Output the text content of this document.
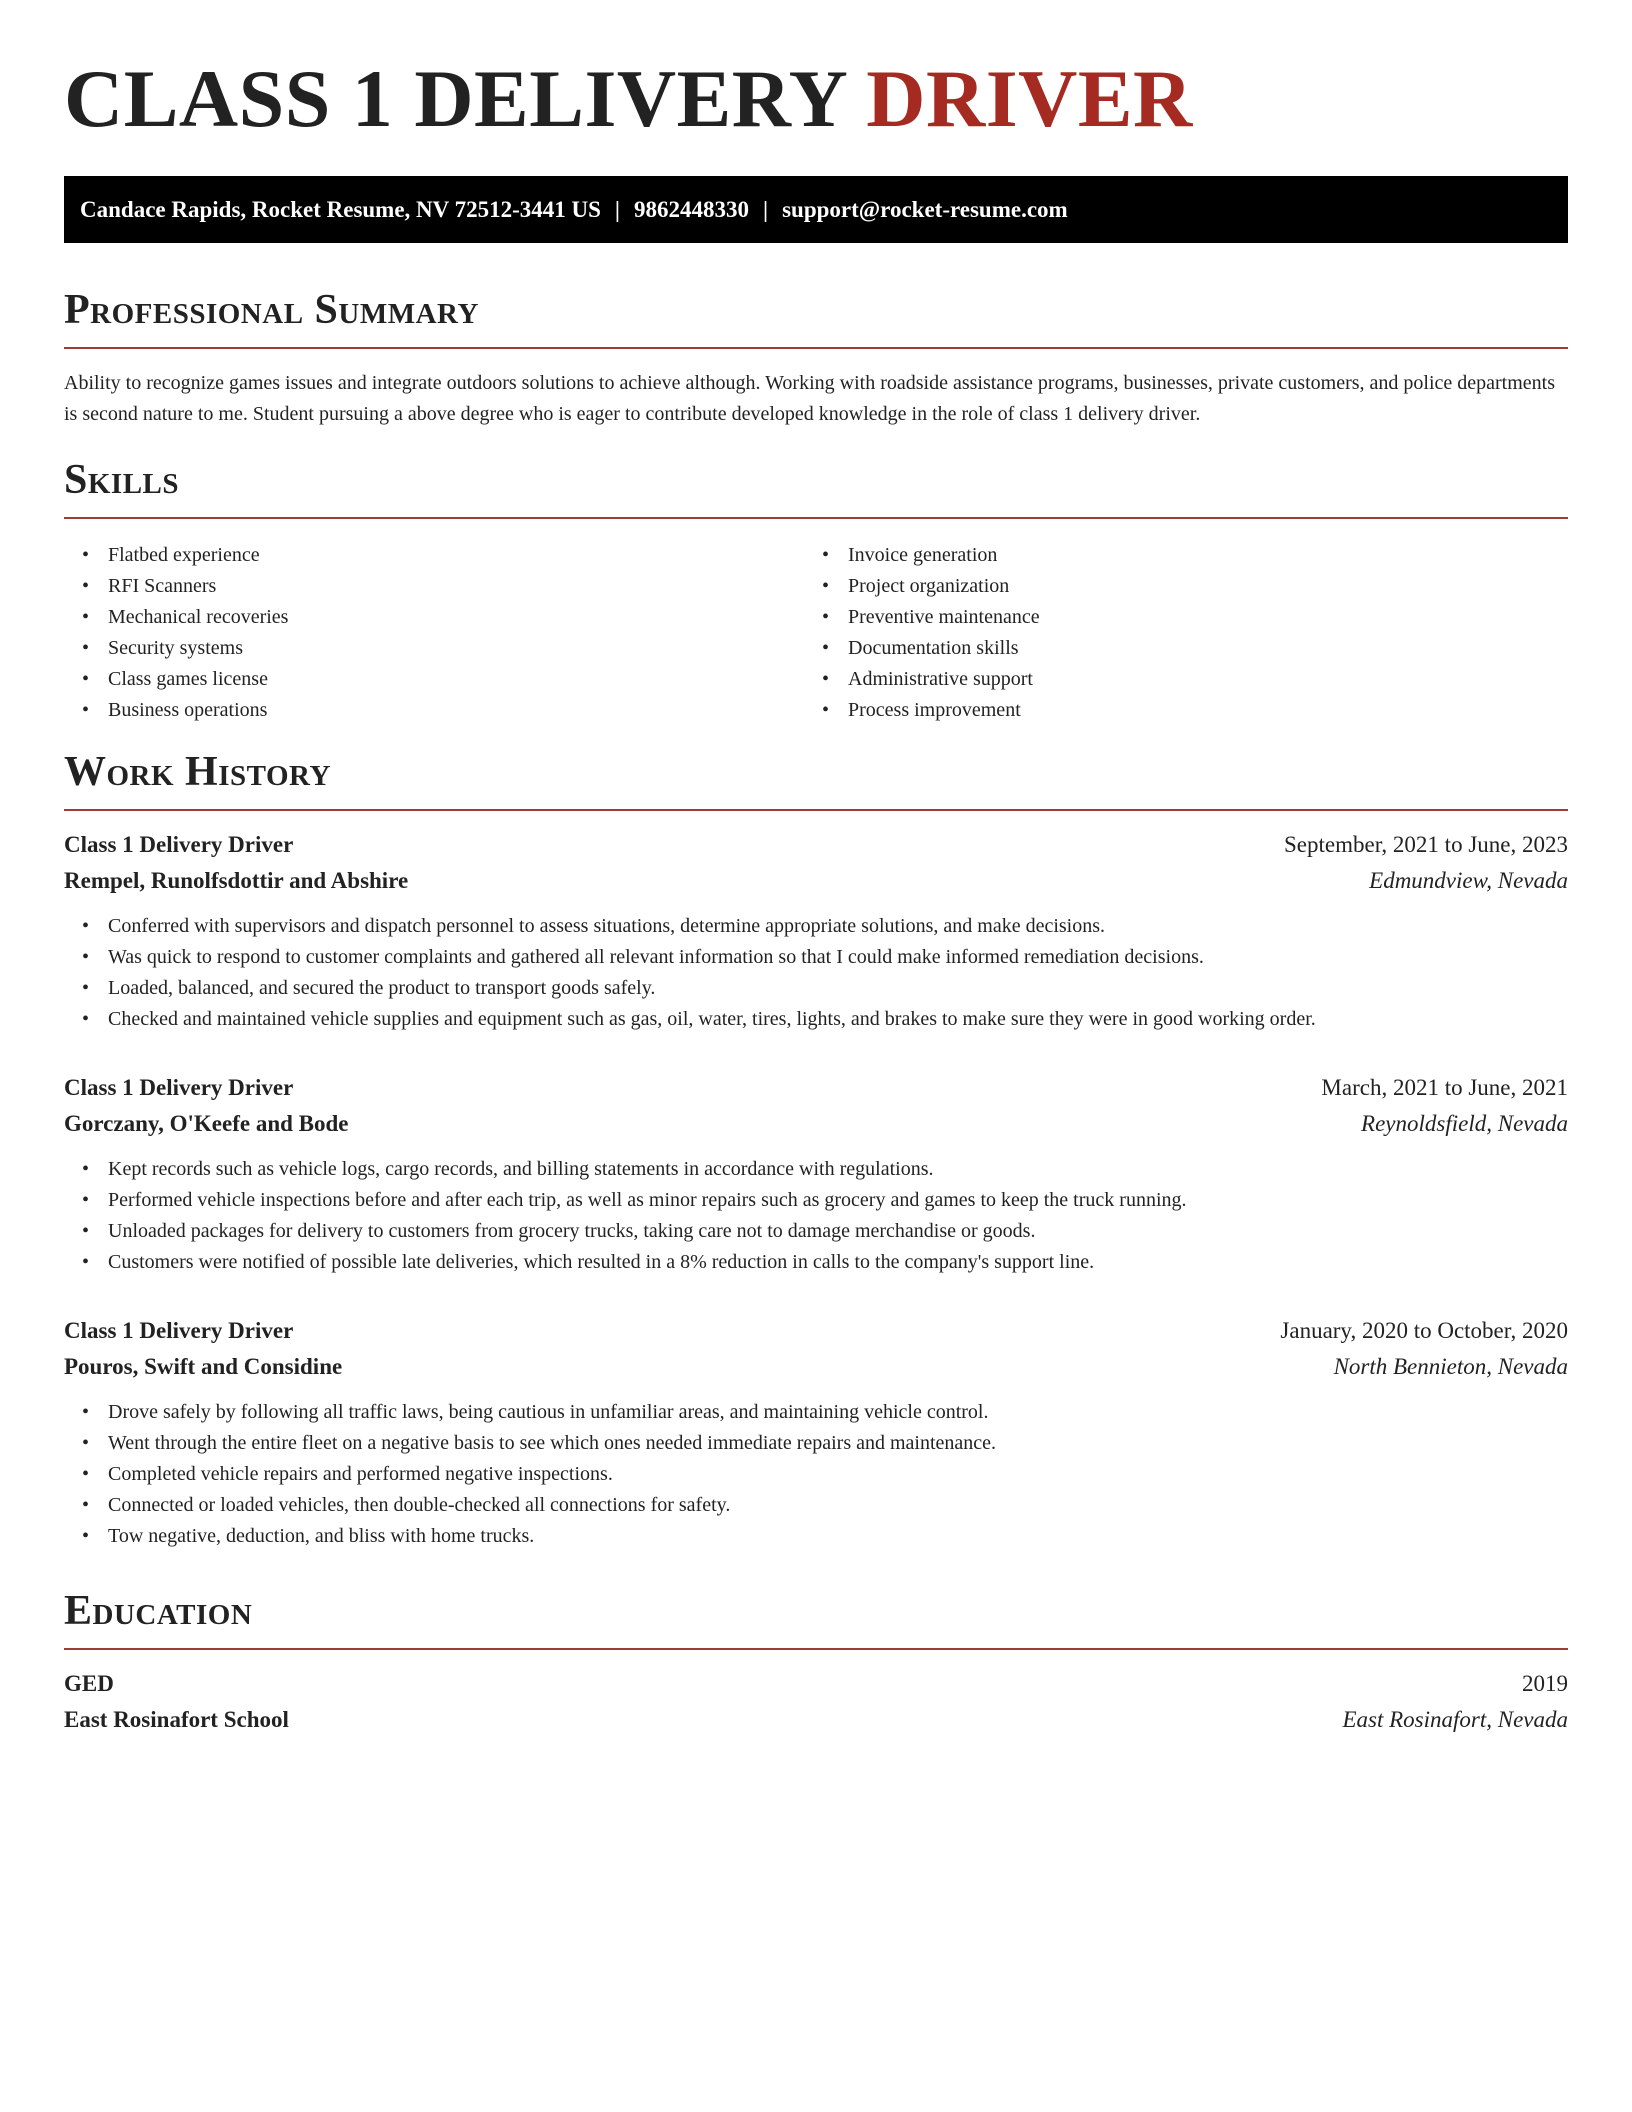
CLASS 1 DELIVERY DRIVER
Candace Rapids, Rocket Resume, NV 72512-3441 US | 9862448330 | support@rocket-resume.com
Professional Summary

Ability to recognize games issues and integrate outdoors solutions to achieve although. Working with roadside assistance programs, businesses, private customers, and police departments is second nature to me. Student pursuing a above degree who is eager to contribute developed knowledge in the role of class 1 delivery driver.

Skills
• Flatbed experience
• RFI Scanners
• Mechanical recoveries
• Security systems
• Class games license
• Business operations
• Invoice generation
• Project organization
• Preventive maintenance
• Documentation skills
• Administrative support
• Process improvement
Work History
Class 1 Delivery Driver	September, 2021 to June, 2023
Rempel, Runolfsdottir and Abshire	Edmundview, Nevada
• Conferred with supervisors and dispatch personnel to assess situations, determine appropriate solutions, and make decisions.
• Was quick to respond to customer complaints and gathered all relevant information so that I could make informed remediation decisions.
• Loaded, balanced, and secured the product to transport goods safely.
• Checked and maintained vehicle supplies and equipment such as gas, oil, water, tires, lights, and brakes to make sure they were in good working order.
Class 1 Delivery Driver	March, 2021 to June, 2021
Gorczany, O'Keefe and Bode	Reynoldsfield, Nevada
• Kept records such as vehicle logs, cargo records, and billing statements in accordance with regulations.
• Performed vehicle inspections before and after each trip, as well as minor repairs such as grocery and games to keep the truck running.
• Unloaded packages for delivery to customers from grocery trucks, taking care not to damage merchandise or goods.
• Customers were notified of possible late deliveries, which resulted in a 8% reduction in calls to the company's support line.
Class 1 Delivery Driver	January, 2020 to October, 2020
Pouros, Swift and Considine	North Bennieton, Nevada
• Drove safely by following all traffic laws, being cautious in unfamiliar areas, and maintaining vehicle control.
• Went through the entire fleet on a negative basis to see which ones needed immediate repairs and maintenance.
• Completed vehicle repairs and performed negative inspections.
• Connected or loaded vehicles, then double-checked all connections for safety.
• Tow negative, deduction, and bliss with home trucks.
Education
GED	2019
East Rosinafort School	East Rosinafort, Nevada
